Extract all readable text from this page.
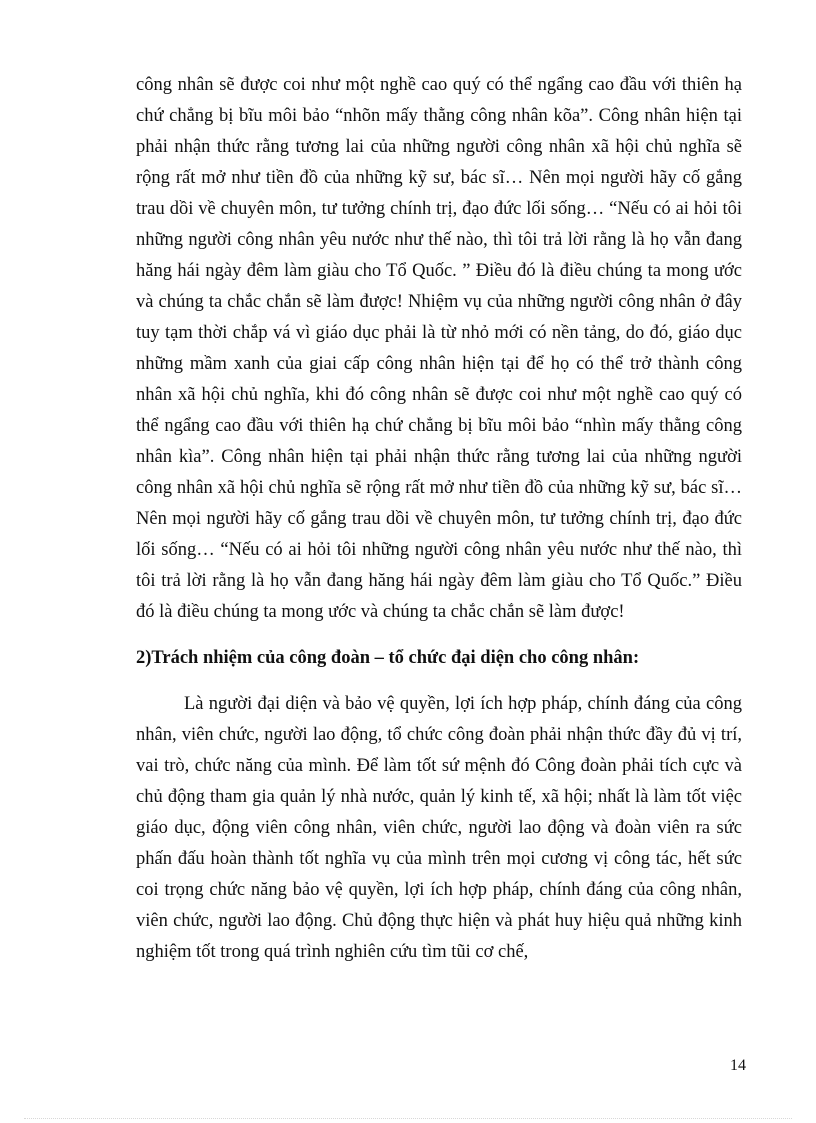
công nhân sẽ được coi như một nghề cao quý có thể ngẩng cao đầu với thiên hạ chứ chẳng bị bĩu môi bảo “nhõn mấy thằng công nhân kõa”. Công nhân hiện tại phải nhận thức rằng tương lai của những người công nhân xã hội chủ nghĩa sẽ rộng rất mở như tiền đồ của những kỹ sư, bác sĩ… Nên mọi người hãy cố gắng trau dồi về chuyên môn, tư tưởng chính trị, đạo đức lối sống… “Nếu có ai hỏi tôi những người công nhân yêu nước như thế nào, thì tôi trả lời rằng là họ vẫn đang hăng hái ngày đêm làm giàu cho Tổ Quốc. ” Điều đó là điều chúng ta mong ước và chúng ta chắc chắn sẽ làm được! Nhiệm vụ của những người công nhân ở đây tuy tạm thời chắp vá vì giáo dục phải là từ nhỏ mới có nền tảng, do đó, giáo dục những mầm xanh của giai cấp công nhân hiện tại để họ có thể trở thành công nhân xã hội chủ nghĩa, khi đó công nhân sẽ được coi như một nghề cao quý có thể ngẩng cao đầu với thiên hạ chứ chẳng bị bĩu môi bảo “nhìn mấy thằng công nhân kìa”. Công nhân hiện tại phải nhận thức rằng tương lai của những người công nhân xã hội chủ nghĩa sẽ rộng rất mở như tiền đồ của những kỹ sư, bác sĩ… Nên mọi người hãy cố gắng trau dồi về chuyên môn, tư tưởng chính trị, đạo đức lối sống… “Nếu có ai hỏi tôi những người công nhân yêu nước như thế nào, thì tôi trả lời rằng là họ vẫn đang hăng hái ngày đêm làm giàu cho Tổ Quốc.” Điều đó là điều chúng ta mong ước và chúng ta chắc chắn sẽ làm được!

2)Trách nhiệm của công đoàn – tổ chức đại diện cho công nhân:

Là người đại diện và bảo vệ quyền, lợi ích hợp pháp, chính đáng của công nhân, viên chức, người lao động, tổ chức công đoàn phải nhận thức đầy đủ vị trí, vai trò, chức năng của mình. Để làm tốt sứ mệnh đó Công đoàn phải tích cực và chủ động tham gia quản lý nhà nước, quản lý kinh tế, xã hội; nhất là làm tốt việc giáo dục, động viên công nhân, viên chức, người lao động và đoàn viên ra sức phấn đấu hoàn thành tốt nghĩa vụ của mình trên mọi cương vị công tác, hết sức coi trọng chức năng bảo vệ quyền, lợi ích hợp pháp, chính đáng của công nhân, viên chức, người lao động. Chủ động thực hiện và phát huy hiệu quả những kinh nghiệm tốt trong quá trình nghiên cứu tìm tũi cơ chế,

14
